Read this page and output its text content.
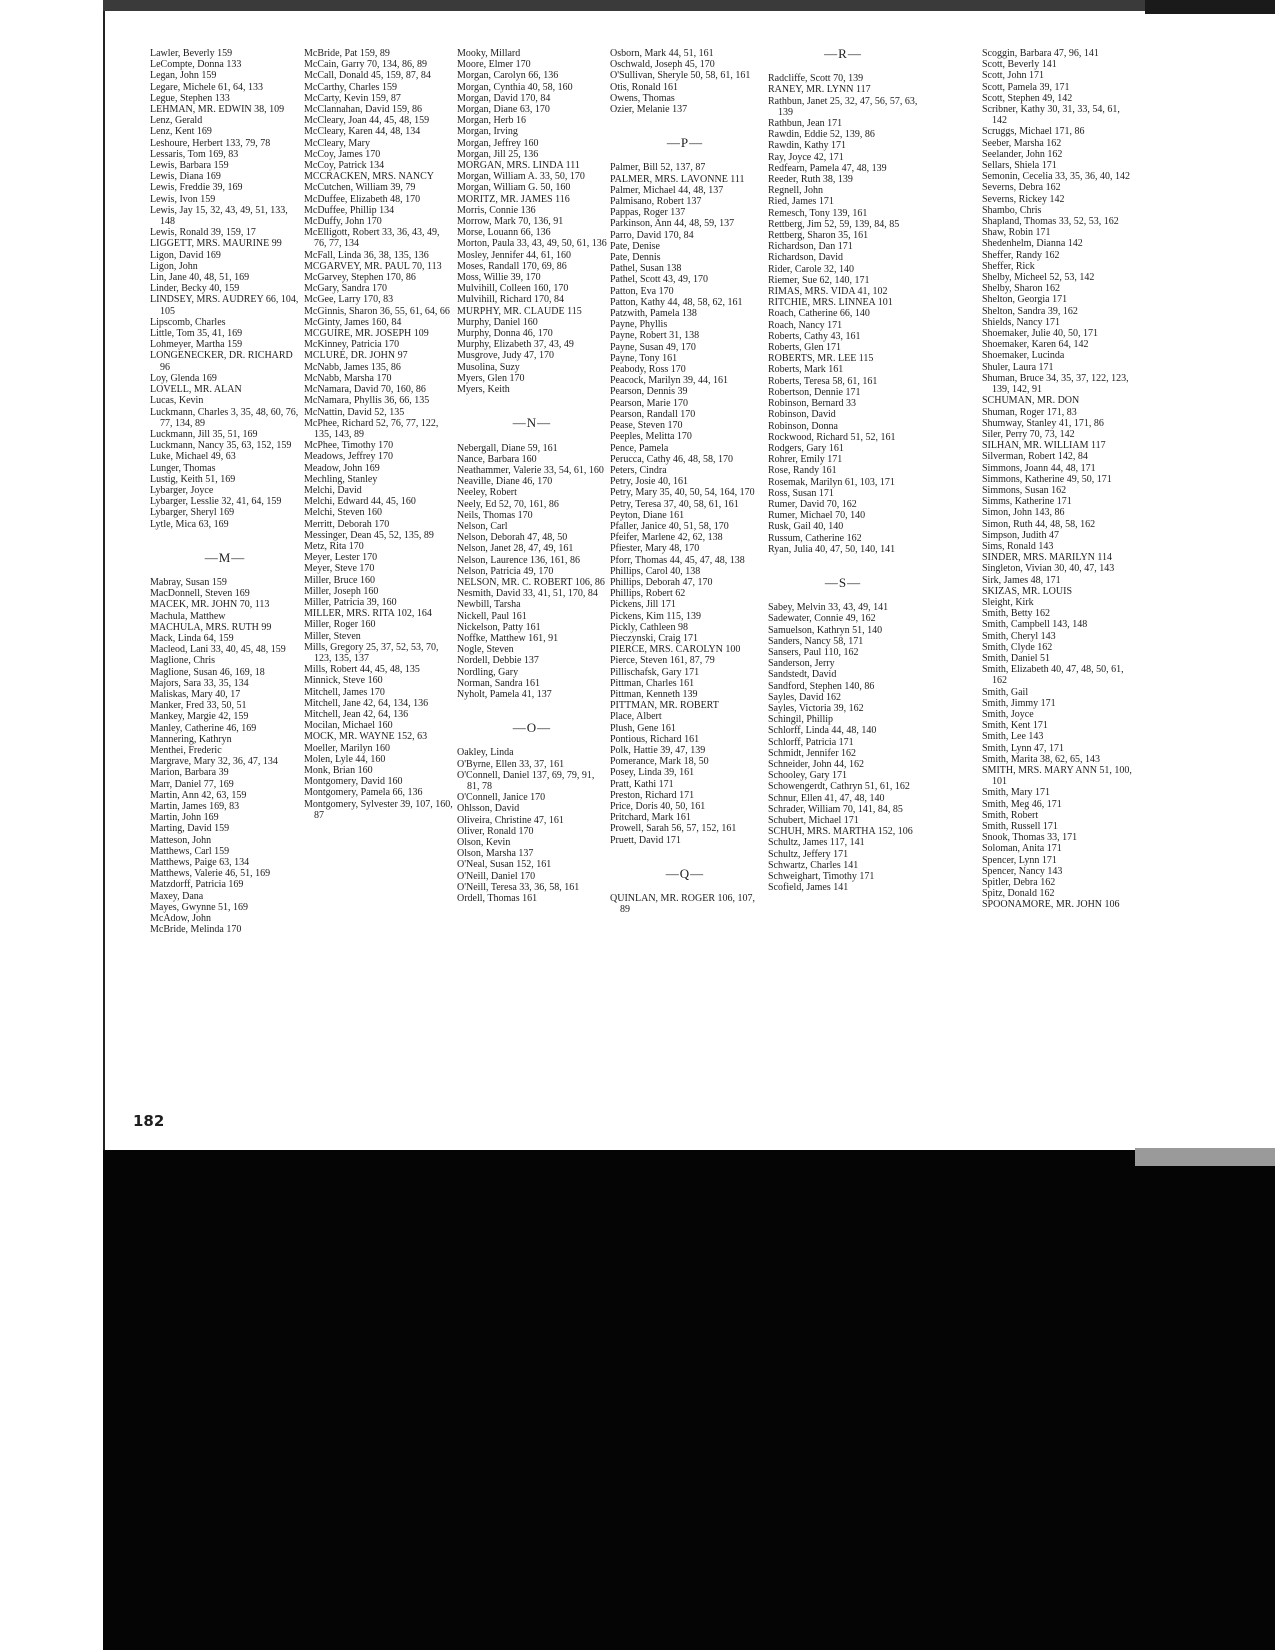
Lawler, Beverly 159
LeCompte, Donna 133
Legan, John 159
Legare, Michele 61, 64, 133
Legue, Stephen 133
LEHMAN, MR. EDWIN 38, 109
Lenz, Gerald
Lenz, Kent 169
Leshoure, Herbert 133, 79, 78
Lessaris, Tom 169, 83
Lewis, Barbara 159
Lewis, Diana 169
Lewis, Freddie 39, 169
Lewis, Ivon 159
Lewis, Jay 15, 32, 43, 49, 51, 133, 148
Lewis, Ronald 39, 159, 17
LIGGETT, MRS. MAURINE 99
Ligon, David 169
Ligon, John
Lin, Jane 40, 48, 51, 169
Linder, Becky 40, 159
LINDSEY, MRS. AUDREY 66, 104, 105
Lipscomb, Charles
Little, Tom 35, 41, 169
Lohmeyer, Martha 159
LONGENECKER, DR. RICHARD 96
Loy, Glenda 169
LOVELL, MR. ALAN
Lucas, Kevin
Luckmann, Charles 3, 35, 48, 60, 76, 77, 134, 89
Luckmann, Jill 35, 51, 169
Luckmann, Nancy 35, 63, 152, 159
Luke, Michael 49, 63
Lunger, Thomas
Lustig, Keith 51, 169
Lybarger, Joyce
Lybarger, Lesslie 32, 41, 64, 159
Lybarger, Sheryl 169
Lytle, Mica 63, 169
—M—
Mabray, Susan 159
MacDonnell, Steven 169
MACEK, MR. JOHN 70, 113
Machula, Matthew
MACHULA, MRS. RUTH 99
Mack, Linda 64, 159
Macleod, Lani 33, 40, 45, 48, 159
Maglione, Chris
Maglione, Susan 46, 169, 18
Majors, Sara 33, 35, 134
Maliskas, Mary 40, 17
Manker, Fred 33, 50, 51
Mankey, Margie 42, 159
Manley, Catherine 46, 169
Mannering, Kathryn
Menthei, Frederic
Margrave, Mary 32, 36, 47, 134
Marion, Barbara 39
Marr, Daniel 77, 169
Martin, Ann 42, 63, 159
Martin, James 169, 83
Martin, John 169
Marting, David 159
Matteson, John
Matthews, Carl 159
Matthews, Paige 63, 134
Matthews, Valerie 46, 51, 169
Matzdorff, Patricia 169
Maxey, Dana
Mayes, Gwynne 51, 169
McAdow, John
McBride, Melinda 170
McBride, Pat 159, 89
McCain, Garry 70, 134, 86, 89
McCall, Donald 45, 159, 87, 84
McCarthy, Charles 159
McCarty, Kevin 159, 87
McClannahan, David 159, 86
McCleary, Joan 44, 45, 48, 159
McCleary, Karen 44, 48, 134
McCleary, Mary
McCoy, James 170
McCoy, Patrick 134
MCCRACKEN, MRS. NANCY
McCutchen, William 39, 79
McDuffee, Elizabeth 48, 170
McDuffee, Phillip 134
McDuffy, John 170
McElligott, Robert 33, 36, 43, 49, 76, 77, 134
McFall, Linda 36, 38, 135, 136
MCGARVEY, MR. PAUL 70, 113
McGarvey, Stephen 170, 86
McGary, Sandra 170
McGee, Larry 170, 83
McGinnis, Sharon 36, 55, 61, 64, 66
McGinty, James 160, 84
MCGUIRE, MR. JOSEPH 109
McKinney, Patricia 170
MCLURE, DR. JOHN 97
McNabb, James 135, 86
McNabb, Marsha 170
McNamara, David 70, 160, 86
McNamara, Phyllis 36, 66, 135
McNattin, David 52, 135
McPhee, Richard 52, 76, 77, 122, 135, 143, 89
McPhee, Timothy 170
Meadows, Jeffrey 170
Meadow, John 169
Mechling, Stanley
Melchi, David
Melchi, Edward 44, 45, 160
Melchi, Steven 160
Merritt, Deborah 170
Messinger, Dean 45, 52, 135, 89
Metz, Rita 170
Meyer, Lester 170
Meyer, Steve 170
Miller, Bruce 160
Miller, Joseph 160
Miller, Patricia 39, 160
MILLER, MRS. RITA 102, 164
Miller, Roger 160
Miller, Steven
Mills, Gregory 25, 37, 52, 53, 70, 123, 135, 137
Mills, Robert 44, 45, 48, 135
Minnick, Steve 160
Mitchell, James 170
Mitchell, Jane 42, 64, 134, 136
Mitchell, Jean 42, 64, 136
Mocilan, Michael 160
MOCK, MR. WAYNE 152, 63
Moeller, Marilyn 160
Molen, Lyle 44, 160
Monk, Brian 160
Montgomery, David 160
Montgomery, Pamela 66, 136
Montgomery, Sylvester 39, 107, 160, 87
Mooky, Millard
Moore, Elmer 170
Morgan, Carolyn 66, 136
Morgan, Cynthia 40, 58, 160
Morgan, David 170, 84
Morgan, Diane 63, 170
Morgan, Herb 16
Morgan, Irving
Morgan, Jeffrey 160
Morgan, Jill 25, 136
MORGAN, MRS. LINDA 111
Morgan, William A. 33, 50, 170
Morgan, William G. 50, 160
MORITZ, MR. JAMES 116
Morris, Connie 136
Morrow, Mark 70, 136, 91
Morse, Louann 66, 136
Morton, Paula 33, 43, 49, 50, 61, 136
Mosley, Jennifer 44, 61, 160
Moses, Randall 170, 69, 86
Moss, Willie 39, 170
Mulvihill, Colleen 160, 170
Mulvihill, Richard 170, 84
MURPHY, MR. CLAUDE 115
Murphy, Daniel 160
Murphy, Donna 46, 170
Murphy, Elizabeth 37, 43, 49
Musgrove, Judy 47, 170
Musolina, Suzy
Myers, Glen 170
Myers, Keith
—N—
Nebergall, Diane 59, 161
Nance, Barbara 160
Neathammer, Valerie 33, 54, 61, 160
Neaville, Diane 46, 170
Neeley, Robert
Neely, Ed 52, 70, 161, 86
Neils, Thomas 170
Nelson, Carl
Nelson, Deborah 47, 48, 50
Nelson, Janet 28, 47, 49, 161
Nelson, Laurence 136, 161, 86
Nelson, Patricia 49, 170
NELSON, MR. C. ROBERT 106, 86
Nesmith, David 33, 41, 51, 170, 84
Newbill, Tarsha
Nickell, Paul 161
Nickelson, Patty 161
Noffke, Matthew 161, 91
Nogle, Steven
Nordell, Debbie 137
Nordling, Gary
Norman, Sandra 161
Nyholt, Pamela 41, 137
—O—
Oakley, Linda
O'Byrne, Ellen 33, 37, 161
O'Connell, Daniel 137, 69, 79, 91, 81, 78
O'Connell, Janice 170
Ohlsson, David
Oliveira, Christine 47, 161
Oliver, Ronald 170
Olson, Kevin
Olson, Marsha 137
O'Neal, Susan 152, 161
O'Neill, Daniel 170
O'Neill, Teresa 33, 36, 58, 161
Ordell, Thomas 161
Osborn, Mark 44, 51, 161
Oschwald, Joseph 45, 170
O'Sullivan, Sheryle 50, 58, 61, 161
Otis, Ronald 161
Owens, Thomas
Ozier, Melanie 137
—P—
Palmer, Bill 52, 137, 87
PALMER, MRS. LAVONNE 111
Palmer, Michael 44, 48, 137
Palmisano, Robert 137
Pappas, Roger 137
Parkinson, Ann 44, 48, 59, 137
Parro, David 170, 84
Pate, Denise
Pate, Dennis
Pathel, Susan 138
Pathel, Scott 43, 49, 170
Patton, Eva 170
Patton, Kathy 44, 48, 58, 62, 161
Patzwith, Pamela 138
Payne, Phyllis
Payne, Robert 31, 138
Payne, Susan 49, 170
Payne, Tony 161
Peabody, Ross 170
Peacock, Marilyn 39, 44, 161
Pearson, Dennis 39
Pearson, Marie 170
Pearson, Randall 170
Pease, Steven 170
Peeples, Melitta 170
Pence, Pamela
Perucca, Cathy 46, 48, 58, 170
Peters, Cindra
Petry, Josie 40, 161
Petry, Mary 35, 40, 50, 54, 164, 170
Petry, Teresa 37, 40, 58, 61, 161
Peyton, Diane 161
Pfaller, Janice 40, 51, 58, 170
Pfeifer, Marlene 42, 62, 138
Pfiester, Mary 48, 170
Pforr, Thomas 44, 45, 47, 48, 138
Phillips, Carol 40, 138
Phillips, Deborah 47, 170
Phillips, Robert 62
Pickens, Jill 171
Pickens, Kim 115, 139
Pickly, Cathleen 98
Pieczynski, Craig 171
PIERCE, MRS. CAROLYN 100
Pierce, Steven 161, 87, 79
Pillischafsk, Gary 171
Pittman, Charles 161
Pittman, Kenneth 139
PITTMAN, MR. ROBERT
Place, Albert
Plush, Gene 161
Pontious, Richard 161
Polk, Hattie 39, 47, 139
Pomerance, Mark 18, 50
Posey, Linda 39, 161
Pratt, Kathi 171
Preston, Richard 171
Price, Doris 40, 50, 161
Pritchard, Mark 161
Prowell, Sarah 56, 57, 152, 161
Pruett, David 171
—Q—
QUINLAN, MR. ROGER 106, 107, 89
—R—
Radcliffe, Scott 70, 139
RANEY, MR. LYNN 117
Rathbun, Janet 25, 32, 47, 56, 57, 63, 139
Rathbun, Jean 171
Rawdin, Eddie 52, 139, 86
Rawdin, Kathy 171
Ray, Joyce 42, 171
Redfearn, Pamela 47, 48, 139
Reeder, Ruth 38, 139
Regnell, John
Ried, James 171
Remesch, Tony 139, 161
Rettberg, Jim 52, 59, 139, 84, 85
Rettberg, Sharon 35, 161
Richardson, Dan 171
Richardson, David
Rider, Carole 32, 140
Riemer, Sue 62, 140, 171
RIMAS, MRS. VIDA 41, 102
RITCHIE, MRS. LINNEA 101
Roach, Catherine 66, 140
Roach, Nancy 171
Roberts, Cathy 43, 161
Roberts, Glen 171
ROBERTS, MR. LEE 115
Roberts, Mark 161
Roberts, Teresa 58, 61, 161
Robertson, Dennie 171
Robinson, Bernard 33
Robinson, David
Robinson, Donna
Rockwood, Richard 51, 52, 161
Rodgers, Gary 161
Rohrer, Emily 171
Rose, Randy 161
Rosemak, Marilyn 61, 103, 171
Ross, Susan 171
Rumer, David 70, 162
Rumer, Michael 70, 140
Rusk, Gail 40, 140
Russum, Catherine 162
Ryan, Julia 40, 47, 50, 140, 141
—S—
Sabey, Melvin 33, 43, 49, 141
Sadewater, Connie 49, 162
Samuelson, Kathryn 51, 140
Sanders, Nancy 58, 171
Sansers, Paul 110, 162
Sanderson, Jerry
Sandstedt, David
Sandford, Stephen 140, 86
Sayles, David 162
Sayles, Victoria 39, 162
Schingil, Phillip
Schlorff, Linda 44, 48, 140
Schlorff, Patricia 171
Schmidt, Jennifer 162
Schneider, John 44, 162
Schooley, Gary 171
Schowengerdt, Cathryn 51, 61, 162
Schnur, Ellen 41, 47, 48, 140
Schrader, William 70, 141, 84, 85
Schubert, Michael 171
SCHUH, MRS. MARTHA 152, 106
Schultz, James 117, 141
Schultz, Jeffery 171
Schwartz, Charles 141
Schweighart, Timothy 171
Scofield, James 141
Scoggin, Barbara 47, 96, 141
Scott, Beverly 141
Scott, John 171
Scott, Pamela 39, 171
Scott, Stephen 49, 142
Scribner, Kathy 30, 31, 33, 54, 61, 142
Scruggs, Michael 171, 86
Seeber, Marsha 162
Seelander, John 162
Sellars, Shiela 171
Semonin, Cecelia 33, 35, 36, 40, 142
Severns, Debra 162
Severns, Rickey 142
Shambo, Chris
Shapland, Thomas 33, 52, 53, 162
Shaw, Robin 171
Shedenhelm, Dianna 142
Sheffer, Randy 162
Sheffer, Rick
Shelby, Micheel 52, 53, 142
Shelby, Sharon 162
Shelton, Georgia 171
Shelton, Sandra 39, 162
Shields, Nancy 171
Shoemaker, Julie 40, 50, 171
Shoemaker, Karen 64, 142
Shoemaker, Lucinda
Shuler, Laura 171
Shuman, Bruce 34, 35, 37, 122, 123, 139, 142, 91
SCHUMAN, MR. DON
Shuman, Roger 171, 83
Shumway, Stanley 41, 171, 86
Siler, Perry 70, 73, 142
SILHAN, MR. WILLIAM 117
Silverman, Robert 142, 84
Simmons, Joann 44, 48, 171
Simmons, Katherine 49, 50, 171
Simmons, Susan 162
Simms, Katherine 171
Simon, John 143, 86
Simon, Ruth 44, 48, 58, 162
Simpson, Judith 47
Sims, Ronald 143
SINDER, MRS. MARILYN 114
Singleton, Vivian 30, 40, 47, 143
Sirk, James 48, 171
SKIZAS, MR. LOUIS
Sleight, Kirk
Smith, Betty 162
Smith, Campbell 143, 148
Smith, Cheryl 143
Smith, Clyde 162
Smith, Daniel 51
Smith, Elizabeth 40, 47, 48, 50, 61, 162
Smith, Gail
Smith, Jimmy 171
Smith, Joyce
Smith, Kent 171
Smith, Lee 143
Smith, Lynn 47, 171
Smith, Marita 38, 62, 65, 143
SMITH, MRS. MARY ANN 51, 100, 101
Smith, Mary 171
Smith, Meg 46, 171
Smith, Robert
Smith, Russell 171
Snook, Thomas 33, 171
Soloman, Anita 171
Spencer, Lynn 171
Spencer, Nancy 143
Spitler, Debra 162
Spitz, Donald 162
SPOONAMORE, MR. JOHN 106
182
